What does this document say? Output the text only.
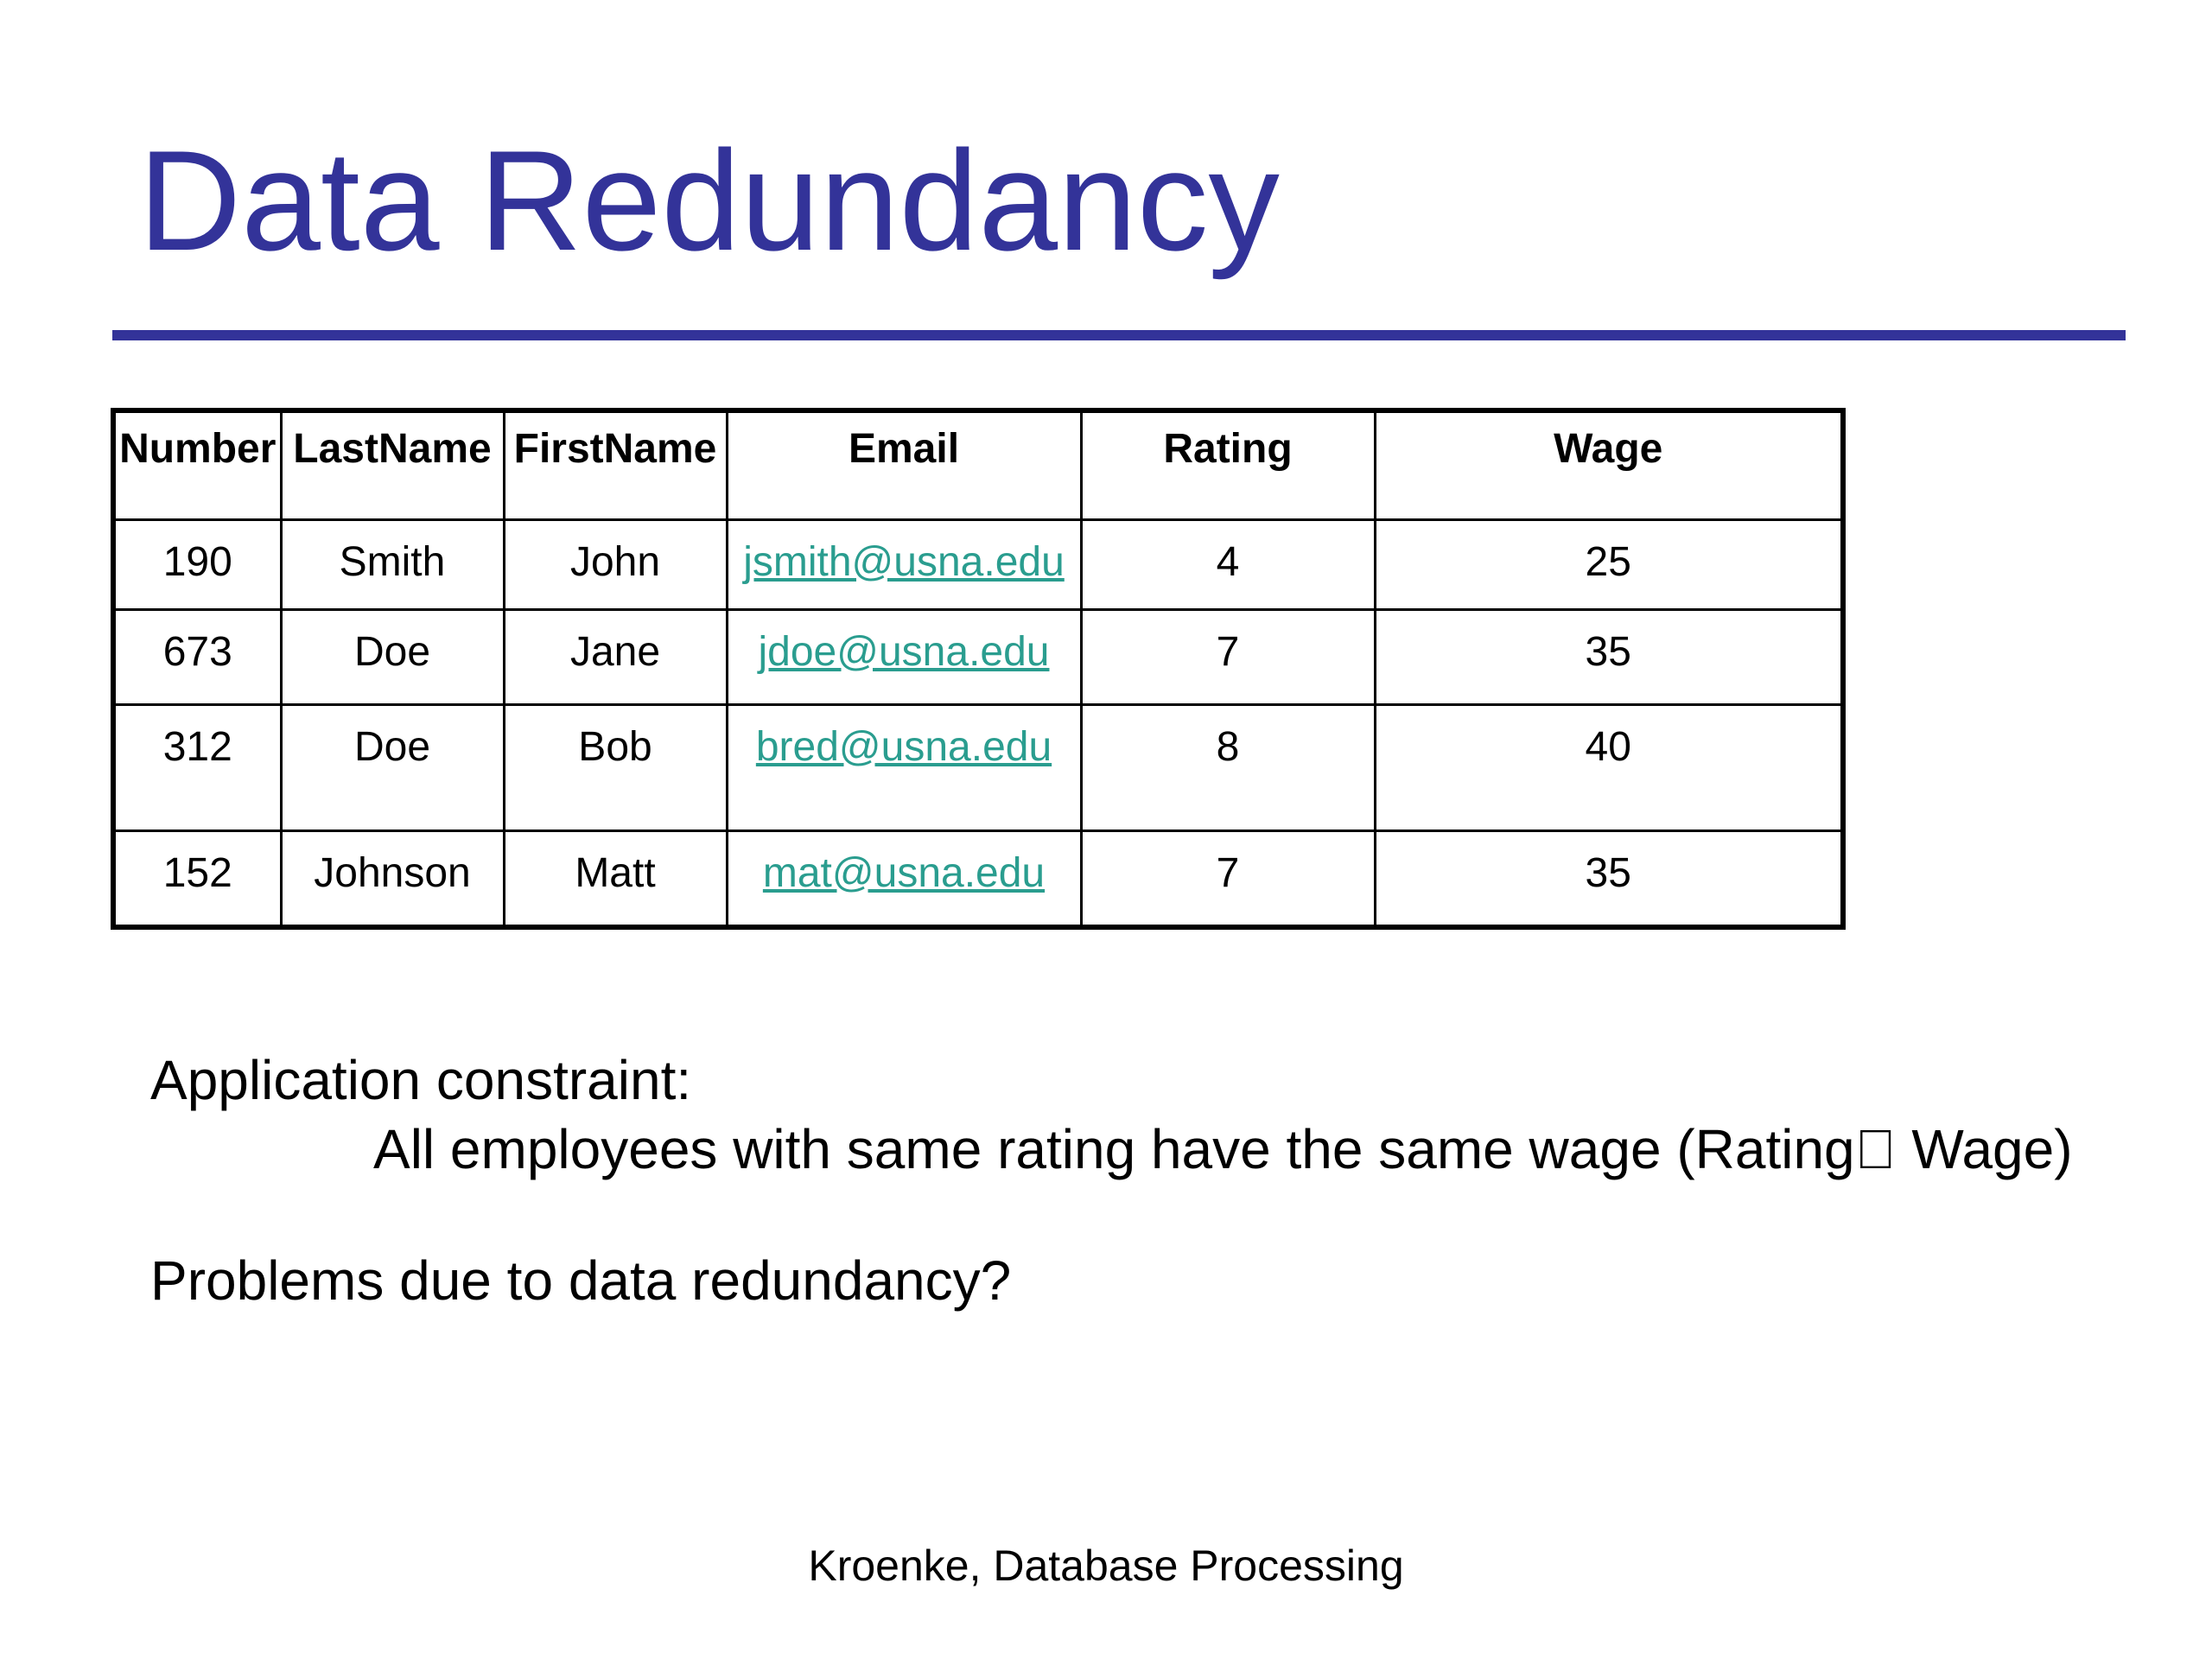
Data Redundancy
Number	LastName	FirstName	Email	Rating	Wage
190	Smith	John	jsmith@usna.edu	4	25
673	Doe	Jane	jdoe@usna.edu	7	35
312	Doe	Bob	bred@usna.edu	8	40
152	Johnson	Matt	mat@usna.edu	7	35
Application constraint:
All employees with same rating have the same wage (Rating Wage)
Problems due to data redundancy?
Kroenke, Database Processing
